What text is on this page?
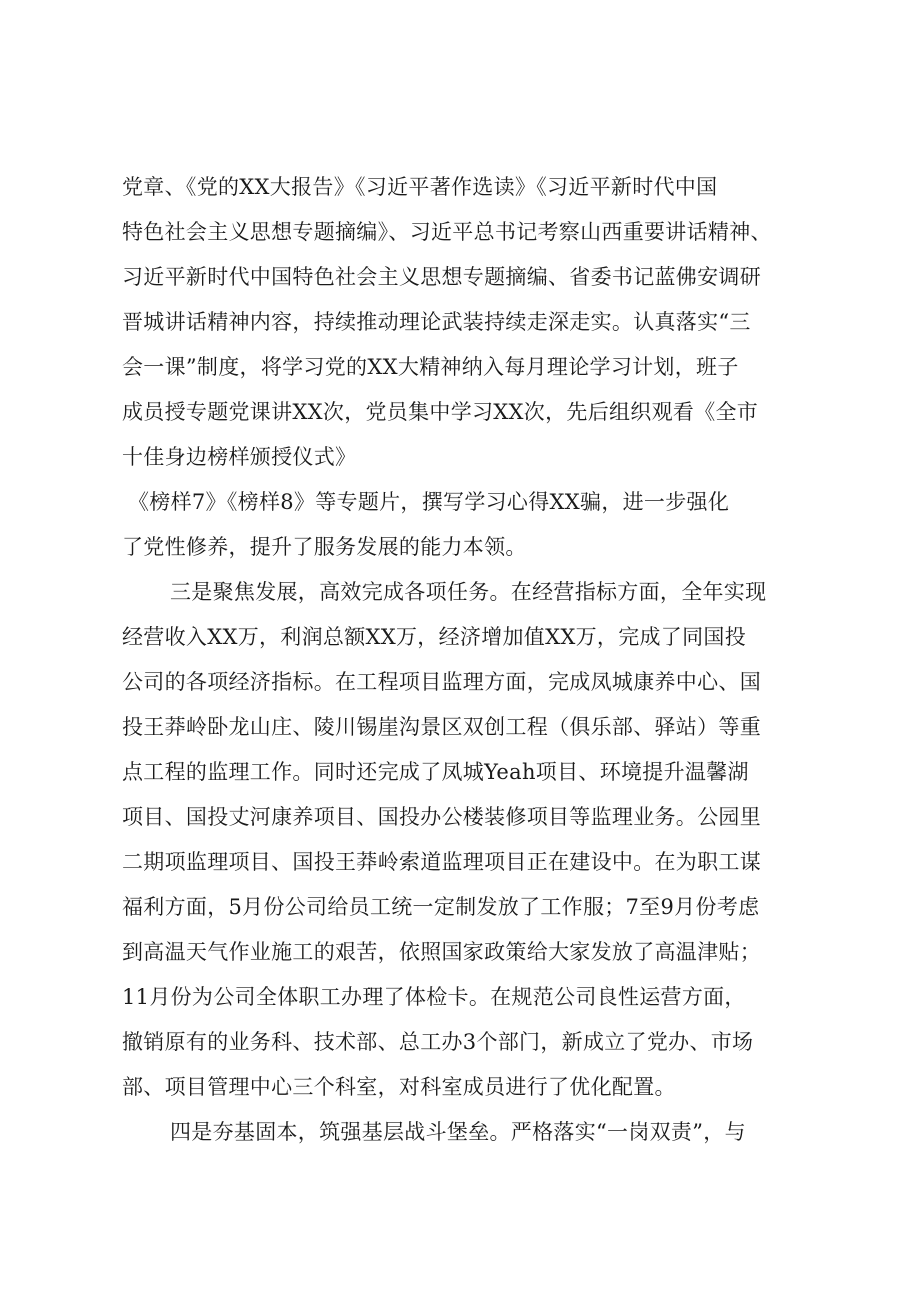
党章、《党的XX大报告》《习近平著作选读》《习近平新时代中国
特色社会主义思想专题摘编》、习近平总书记考察山西重要讲话精神、
习近平新时代中国特色社会主义思想专题摘编、省委书记蓝佛安调研
晋城讲话精神内容，持续推动理论武装持续走深走实。认真落实“三
会一课”制度，将学习党的XX大精神纳入每月理论学习计划，班子
成员授专题党课讲XX次，党员集中学习XX次，先后组织观看《全市
十佳身边榜样颁授仪式》
《榜样7》《榜样8》等专题片，撰写学习心得XX骗，进一步强化
了党性修养，提升了服务发展的能力本领。
三是聚焦发展，高效完成各项任务。在经营指标方面，全年实现
经营收入XX万，利润总额XX万，经济增加值XX万，完成了同国投
公司的各项经济指标。在工程项目监理方面，完成凤城康养中心、国
投王莽岭卧龙山庄、陵川锡崖沟景区双创工程（俱乐部、驿站）等重
点工程的监理工作。同时还完成了凤城Yeah项目、环境提升温馨湖
项目、国投丈河康养项目、国投办公楼装修项目等监理业务。公园里
二期项监理项目、国投王莽岭索道监理项目正在建设中。在为职工谋
福利方面，5月份公司给员工统一定制发放了工作服；7至9月份考虑
到高温天气作业施工的艰苦，依照国家政策给大家发放了高温津贴；
11月份为公司全体职工办理了体检卡。在规范公司良性运营方面，
撤销原有的业务科、技术部、总工办3个部门，新成立了党办、市场
部、项目管理中心三个科室，对科室成员进行了优化配置。
四是夯基固本，筑强基层战斗堡垒。严格落实“一岗双责”，与
